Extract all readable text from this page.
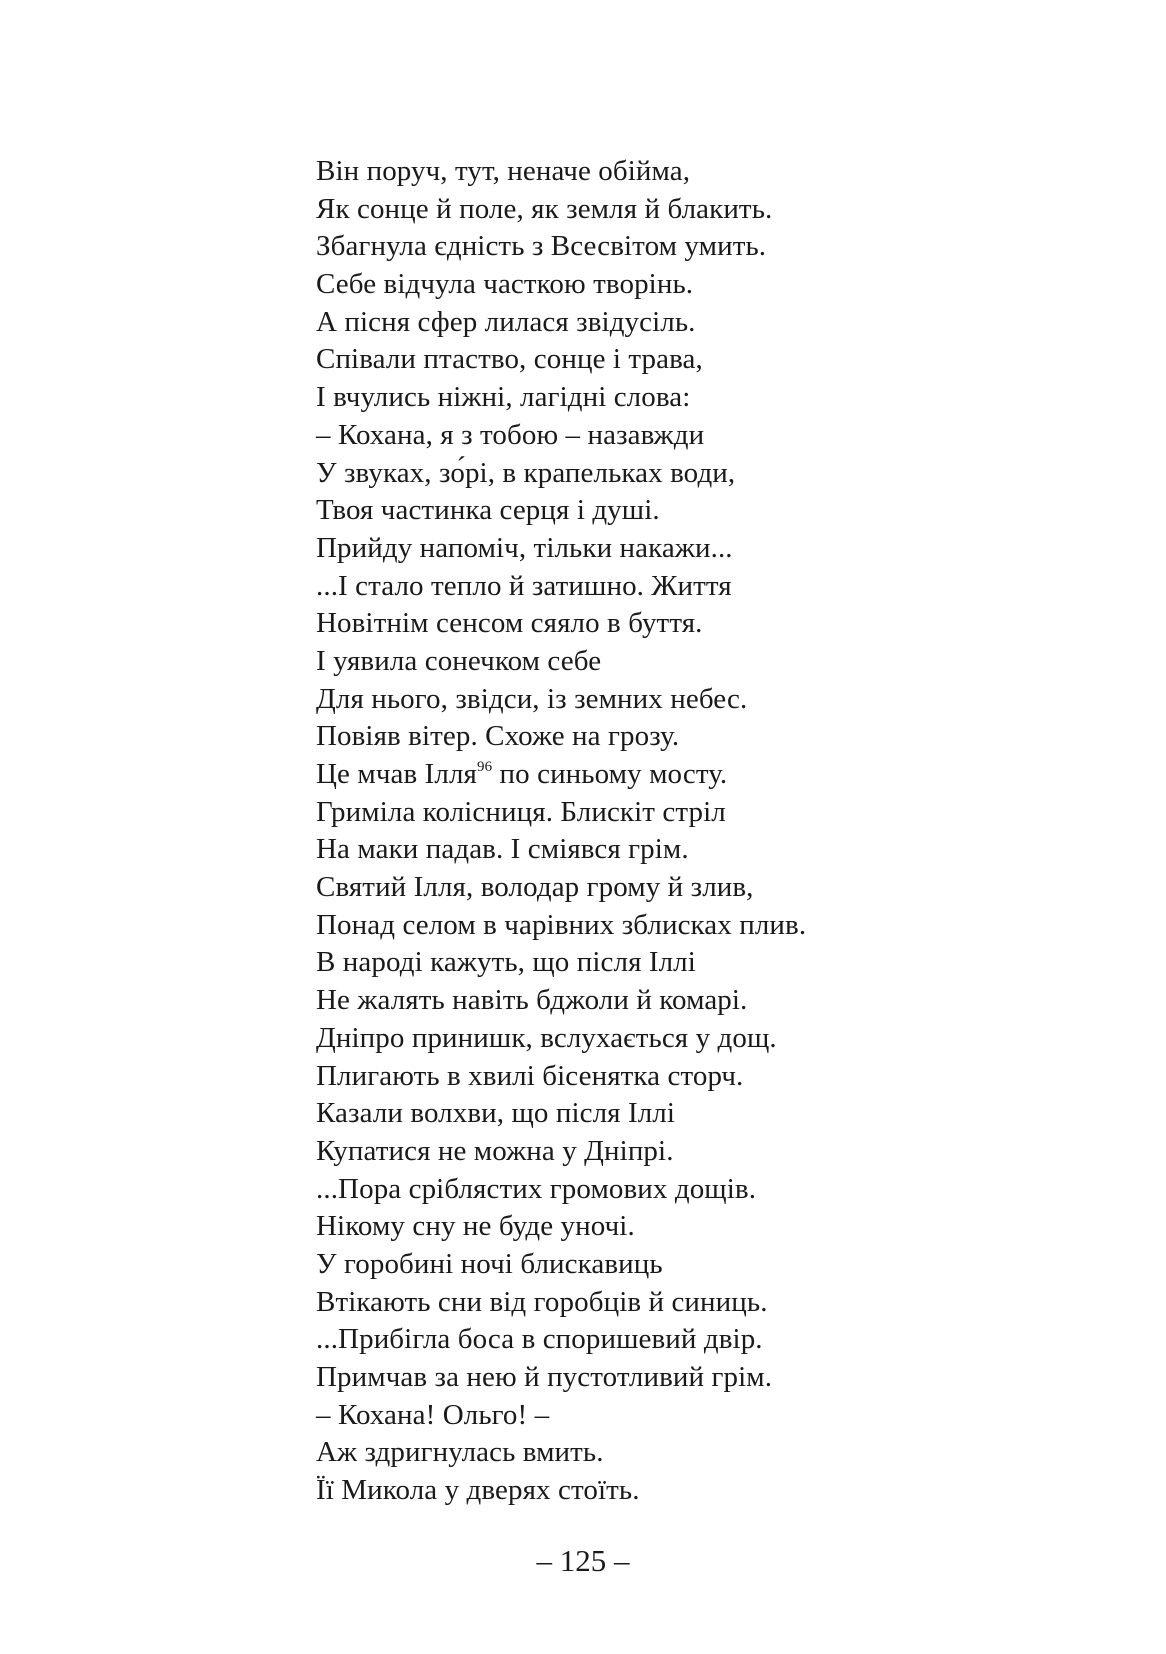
Він поруч, тут, неначе обійма,
Як сонце й поле, як земля й блакить.
Збагнула єдність з Всесвітом умить.
Себе відчула часткою творінь.
А пісня сфер лилася звідусіль.
Співали птаство, сонце і трава,
І вчулись ніжні, лагідні слова:
– Кохана, я з тобою – назавжди
У звуках, зо́рі, в крапельках води,
Твоя частинка серця і душі.
Прийду напоміч, тільки накажи...
...І стало тепло й затишно. Життя
Новітнім сенсом сяяло в буття.
І уявила сонечком себе
Для нього, звідси, із земних небес.
Повіяв вітер. Схоже на грозу.
Це мчав Ілля$^{96}$ по синьому мосту.
Гриміла колісниця. Блискіт стріл
На маки падав. І сміявся грім.
Святий Ілля, володар грому й злив,
Понад селом в чарівних зблисках плив.
В народі кажуть, що після Іллі
Не жалять навіть бджоли й комарі.
Дніпро принишк, вслухається у дощ.
Плигають в хвилі бісенятка сторч.
Казали волхви, що після Іллі
Купатися не можна у Дніпрі.
...Пора сріблястих громових дощів.
Нікому сну не буде уночі.
У горобині ночі блискавиць
Втікають сни від горобців й синиць.
...Прибігла боса в споришевий двір.
Примчав за нею й пустотливий грім.
– Кохана! Ольго! –
Аж здригнулась вмить.
Її Микола у дверях стоїть.
– 125 –
